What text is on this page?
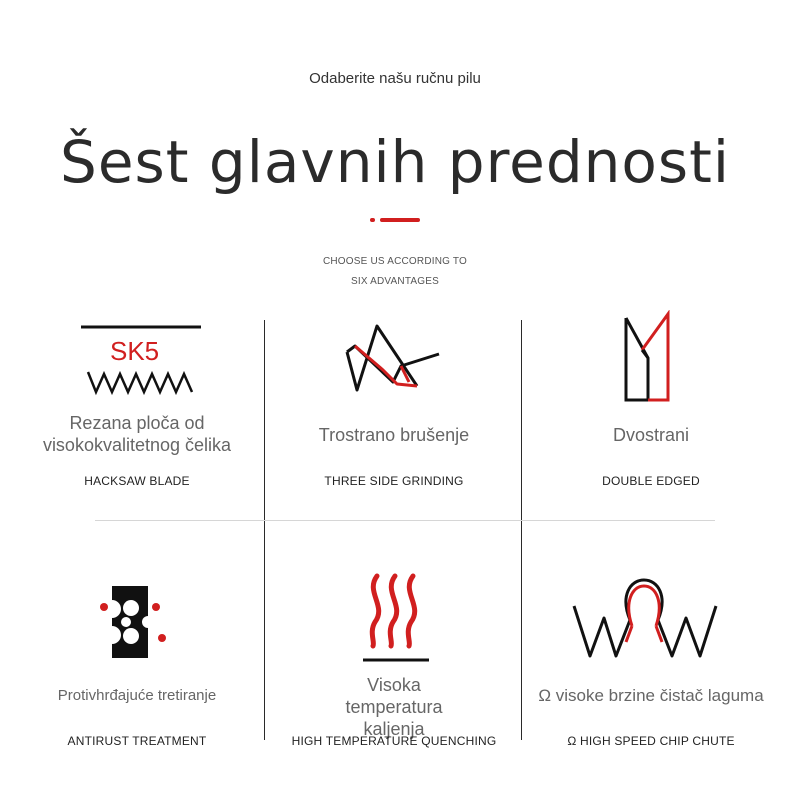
Odaberite našu ručnu pilu
Šest glavnih prednosti
CHOOSE US ACCORDING TO
SIX ADVANTAGES
SK5
Rezana ploča od visokokvalitetnog čelika
HACKSAW BLADE
Trostrano brušenje
THREE SIDE GRINDING
Dvostrani
DOUBLE EDGED
Protivhrđajuće tretiranje
ANTIRUST TREATMENT
Visoka temperatura kaljenja
HIGH TEMPERATURE QUENCHING
Ω visoke brzine čistač laguma
Ω HIGH SPEED CHIP CHUTE
